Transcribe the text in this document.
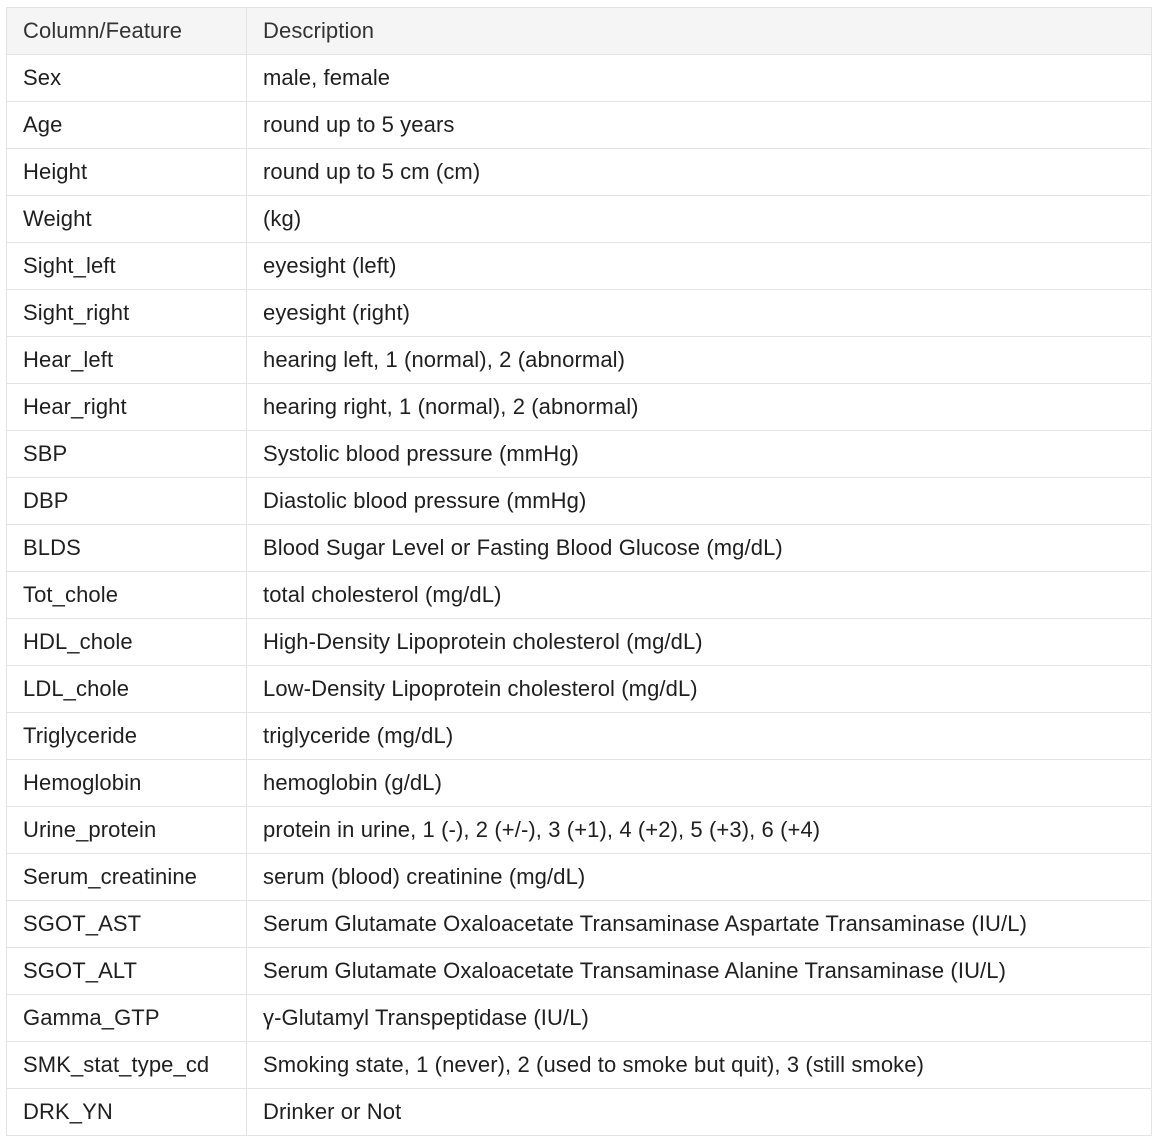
Column/Feature	Description
Sex	male, female
Age	round up to 5 years
Height	round up to 5 cm (cm)
Weight	(kg)
Sight_left	eyesight (left)
Sight_right	eyesight (right)
Hear_left	hearing left, 1 (normal), 2 (abnormal)
Hear_right	hearing right, 1 (normal), 2 (abnormal)
SBP	Systolic blood pressure (mmHg)
DBP	Diastolic blood pressure (mmHg)
BLDS	Blood Sugar Level or Fasting Blood Glucose (mg/dL)
Tot_chole	total cholesterol (mg/dL)
HDL_chole	High-Density Lipoprotein cholesterol (mg/dL)
LDL_chole	Low-Density Lipoprotein cholesterol (mg/dL)
Triglyceride	triglyceride (mg/dL)
Hemoglobin	hemoglobin (g/dL)
Urine_protein	protein in urine, 1 (-), 2 (+/-), 3 (+1), 4 (+2), 5 (+3), 6 (+4)
Serum_creatinine	serum (blood) creatinine (mg/dL)
SGOT_AST	Serum Glutamate Oxaloacetate Transaminase Aspartate Transaminase (IU/L)
SGOT_ALT	Serum Glutamate Oxaloacetate Transaminase Alanine Transaminase (IU/L)
Gamma_GTP	γ-Glutamyl Transpeptidase (IU/L)
SMK_stat_type_cd	Smoking state, 1 (never), 2 (used to smoke but quit), 3 (still smoke)
DRK_YN	Drinker or Not
